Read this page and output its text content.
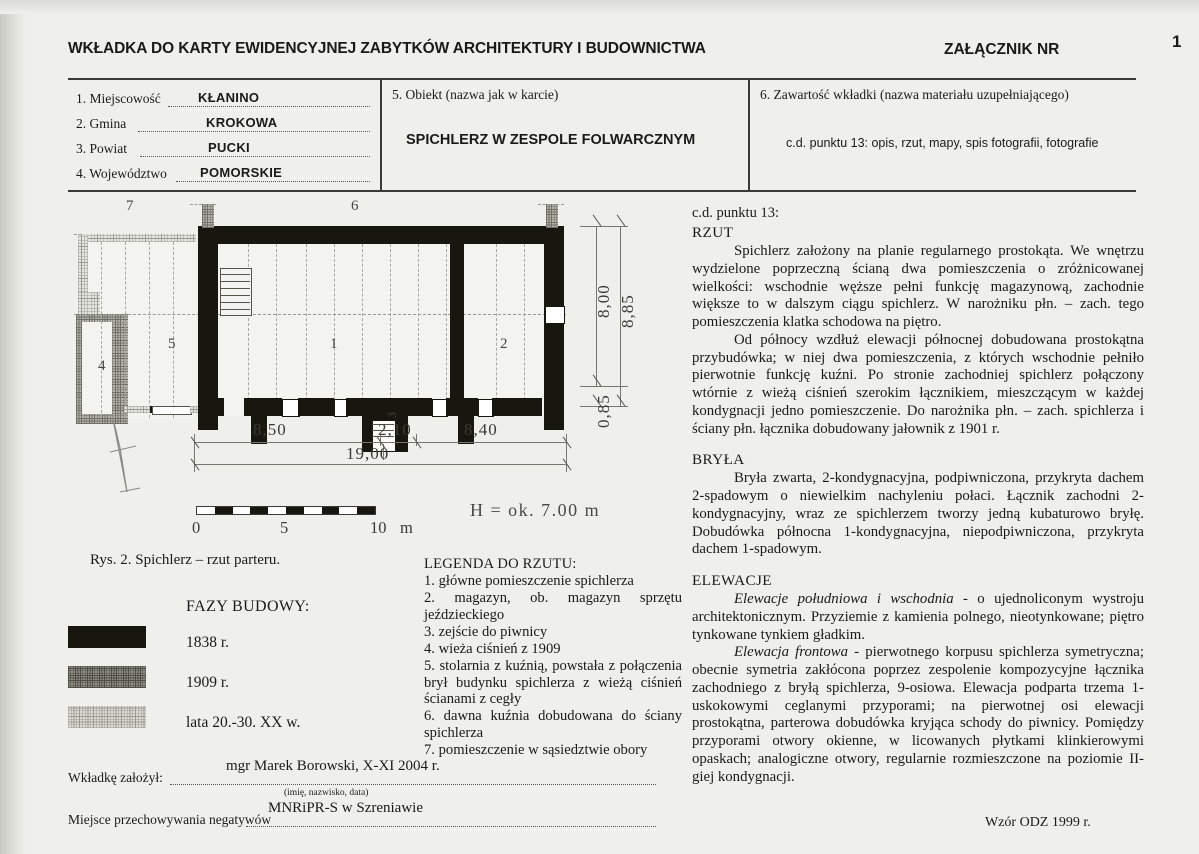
WKŁADKA DO KARTY EWIDENCYJNEJ ZABYTKÓW ARCHITEKTURY I BUDOWNICTWA	ZAŁĄCZNIK NR	1
1. Miejscowość	KŁANINO
2. Gmina	KROKOWA
3. Powiat	PUCKI
4. Województwo	POMORSKIE
5. Obiekt (nazwa jak w karcie)
SPICHLERZ W ZESPOLE FOLWARCZNYM
6. Zawartość wkładki (nazwa materiału uzupełniającego)
c.d. punktu 13: opis, rzut, mapy, spis fotografii, fotografie
7	6
4
5
3
1	2
8,00 8,85
0,85
8,50	2,10	8,40
19,00
0	5	10 m
H = ok. 7.00 m
Rys. 2. Spichlerz – rzut parteru.
FAZY BUDOWY:
1838 r.
1909 r.
lata 20.-30. XX w.
LEGENDA DO RZUTU:
1. główne pomieszczenie spichlerza
2. magazyn, ob. magazyn sprzętu jeździeckiego
3. zejście do piwnicy
4. wieża ciśnień z 1909
5. stolarnia z kuźnią, powstała z połączenia brył budynku spichlerza z wieżą ciśnień ścianami z cegły
6. dawna kuźnia dobudowana do ściany spichlerza
7. pomieszczenie w sąsiedztwie obory
c.d. punktu 13:
RZUT

Spichlerz założony na planie regularnego prostokąta. We wnętrzu wydzielone poprzeczną ścianą dwa pomieszczenia o zróżnicowanej wielkości: wschodnie węższe pełni funkcję magazynową, zachodnie większe to w dalszym ciągu spichlerz. W narożniku płn. – zach. tego pomieszczenia klatka schodowa na piętro.

Od północy wzdłuż elewacji północnej dobudowana prostokątna przybudówka; w niej dwa pomieszczenia, z których wschodnie pełniło pierwotnie funkcję kuźni. Po stronie zachodniej spichlerz połączony wtórnie z wieżą ciśnień szerokim łącznikiem, mieszczącym w każdej kondygnacji jedno pomieszczenie. Do narożnika płn. – zach. spichlerza i ściany płn. łącznika dobudowany jałownik z 1901 r.

BRYŁA

Bryła zwarta, 2-kondygnacyjna, podpiwniczona, przykryta dachem 2-spadowym o niewielkim nachyleniu połaci. Łącznik zachodni 2-kondygnacyjny, wraz ze spichlerzem tworzy jedną kubaturowo bryłę. Dobudówka północna 1-kondygnacyjna, niepodpiwniczona, przykryta dachem 1-spadowym.

ELEWACJE

Elewacje południowa i wschodnia - o ujednoliconym wystroju architektonicznym. Przyziemie z kamienia polnego, nieotynkowane; piętro tynkowane tynkiem gładkim.

Elewacja frontowa - pierwotnego korpusu spichlerza symetryczna; obecnie symetria zakłócona poprzez zespolenie kompozycyjne łącznika zachodniego z bryłą spichlerza, 9-osiowa. Elewacja podparta trzema 1-uskokowymi ceglanymi przyporami; na pierwotnej osi elewacji prostokątna, parterowa dobudówka kryjąca schody do piwnicy. Pomiędzy przyporami otwory okienne, w licowanych płytkami klinkierowymi opaskach; analogiczne otwory, regularnie rozmieszczone na poziomie II-giej kondygnacji.

Wkładkę założył:
mgr Marek Borowski, X-XI 2004 r.
(imię, nazwisko, data)
Miejsce przechowywania negatywów
MNRiPR-S w Szreniawie
Wzór ODZ 1999 r.
